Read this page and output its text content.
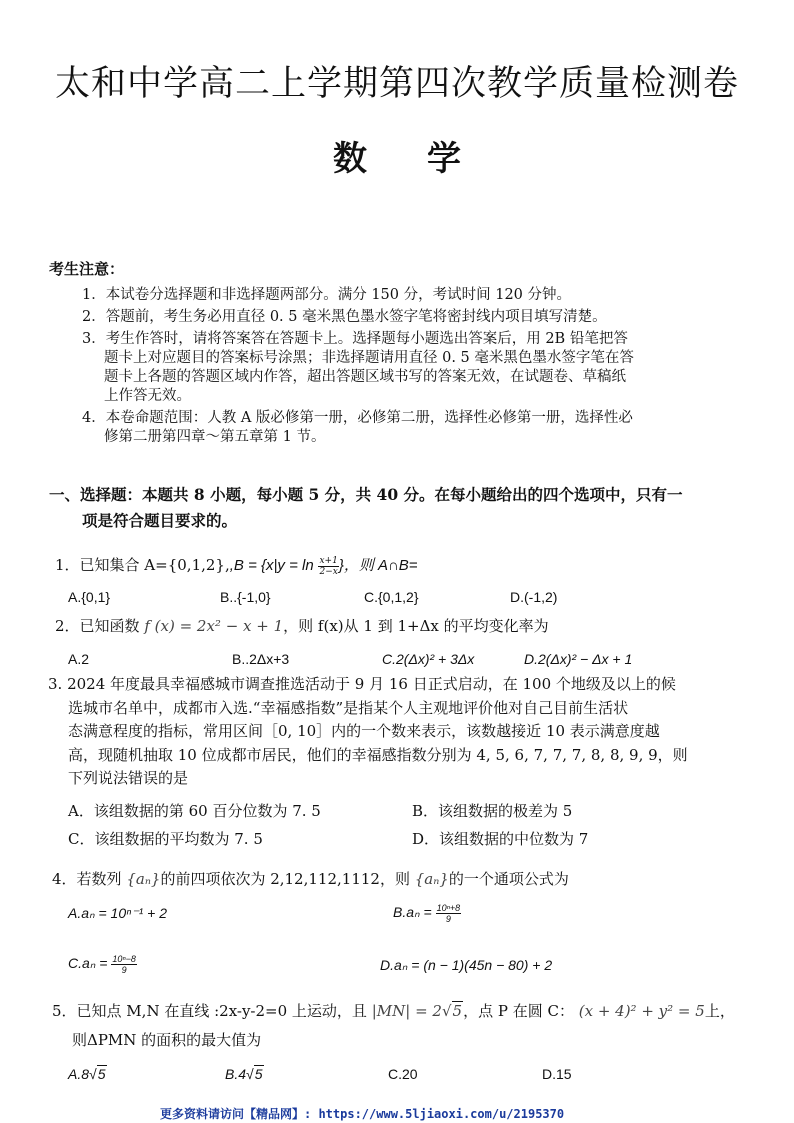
太和中学高二上学期第四次教学质量检测卷
数学
考生注意：
1．本试卷分选择题和非选择题两部分。满分 150 分，考试时间 120 分钟。
2．答题前，考生务必用直径 0. 5 毫米黑色墨水签字笔将密封线内项目填写清楚。
3．考生作答时，请将答案答在答题卡上。选择题每小题选出答案后，用 2B 铅笔把答
题卡上对应题目的答案标号涂黑；非选择题请用直径 0. 5 毫米黑色墨水签字笔在答
题卡上各题的答题区域内作答，超出答题区域书写的答案无效，在试题卷、草稿纸
上作答无效。
4．本卷命题范围：人教 A 版必修第一册，必修第二册，选择性必修第一册，选择性必
修第二册第四章～第五章第 1 节。
一、选择题：本题共 8 小题，每小题 5 分，共 40 分。在每小题给出的四个选项中，只有一
项是符合题目要求的。
1．已知集合 $A=\{0,1,2\},,B = \{x|y = \ln \frac{x+1}{2-x}$ }，则 A∩B=
A.{0,1}	B..{-1,0}	C.{0,1,2}	D.(-1,2)
2．已知函数 f (x) = 2x² − x + 1，则 f(x)从 1 到 1+Δx 的平均变化率为
A.2	B..2Δx+3	C.2(Δx)² + 3Δx	D.2(Δx)² − Δx + 1
3. 2024 年度最具幸福感城市调查推选活动于 9 月 16 日正式启动，在 100 个地级及以上的候
选城市名单中，成都市入选.“幸福感指数”是指某个人主观地评价他对自己目前生活状
态满意程度的指标，常用区间［0, 10］内的一个数来表示，该数越接近 10 表示满意度越
高，现随机抽取 10 位成都市居民，他们的幸福感指数分别为 4, 5, 6, 7, 7, 7, 8, 8, 9, 9，则
下列说法错误的是
A．该组数据的第 60 百分位数为 7. 5	B．该组数据的极差为 5
C．该组数据的平均数为 7. 5	D．该组数据的中位数为 7
4．若数列 {aₙ}的前四项依次为 2,12,112,1112，则 {aₙ}的一个通项公式为
A.aₙ = 10ⁿ⁻¹ + 2	$B.a_n = \frac{\text{10ⁿ+8}}{9}$
$C.a_n = \frac{\text{10ⁿ−8}}{9}$	D.aₙ = (n − 1)(45n − 80) + 2
5．已知点 M,N 在直线 :2x-y-2=0 上运动，且 |MN| = 2√5，点 P 在圆 C： (x + 4)² + y² = 5上，
则ΔPMN 的面积的最大值为
A.8√5	B.4√5	C.20	D.15
更多资料请访问【精品网】: https://www.5ljiaoxi.com/u/2195370
